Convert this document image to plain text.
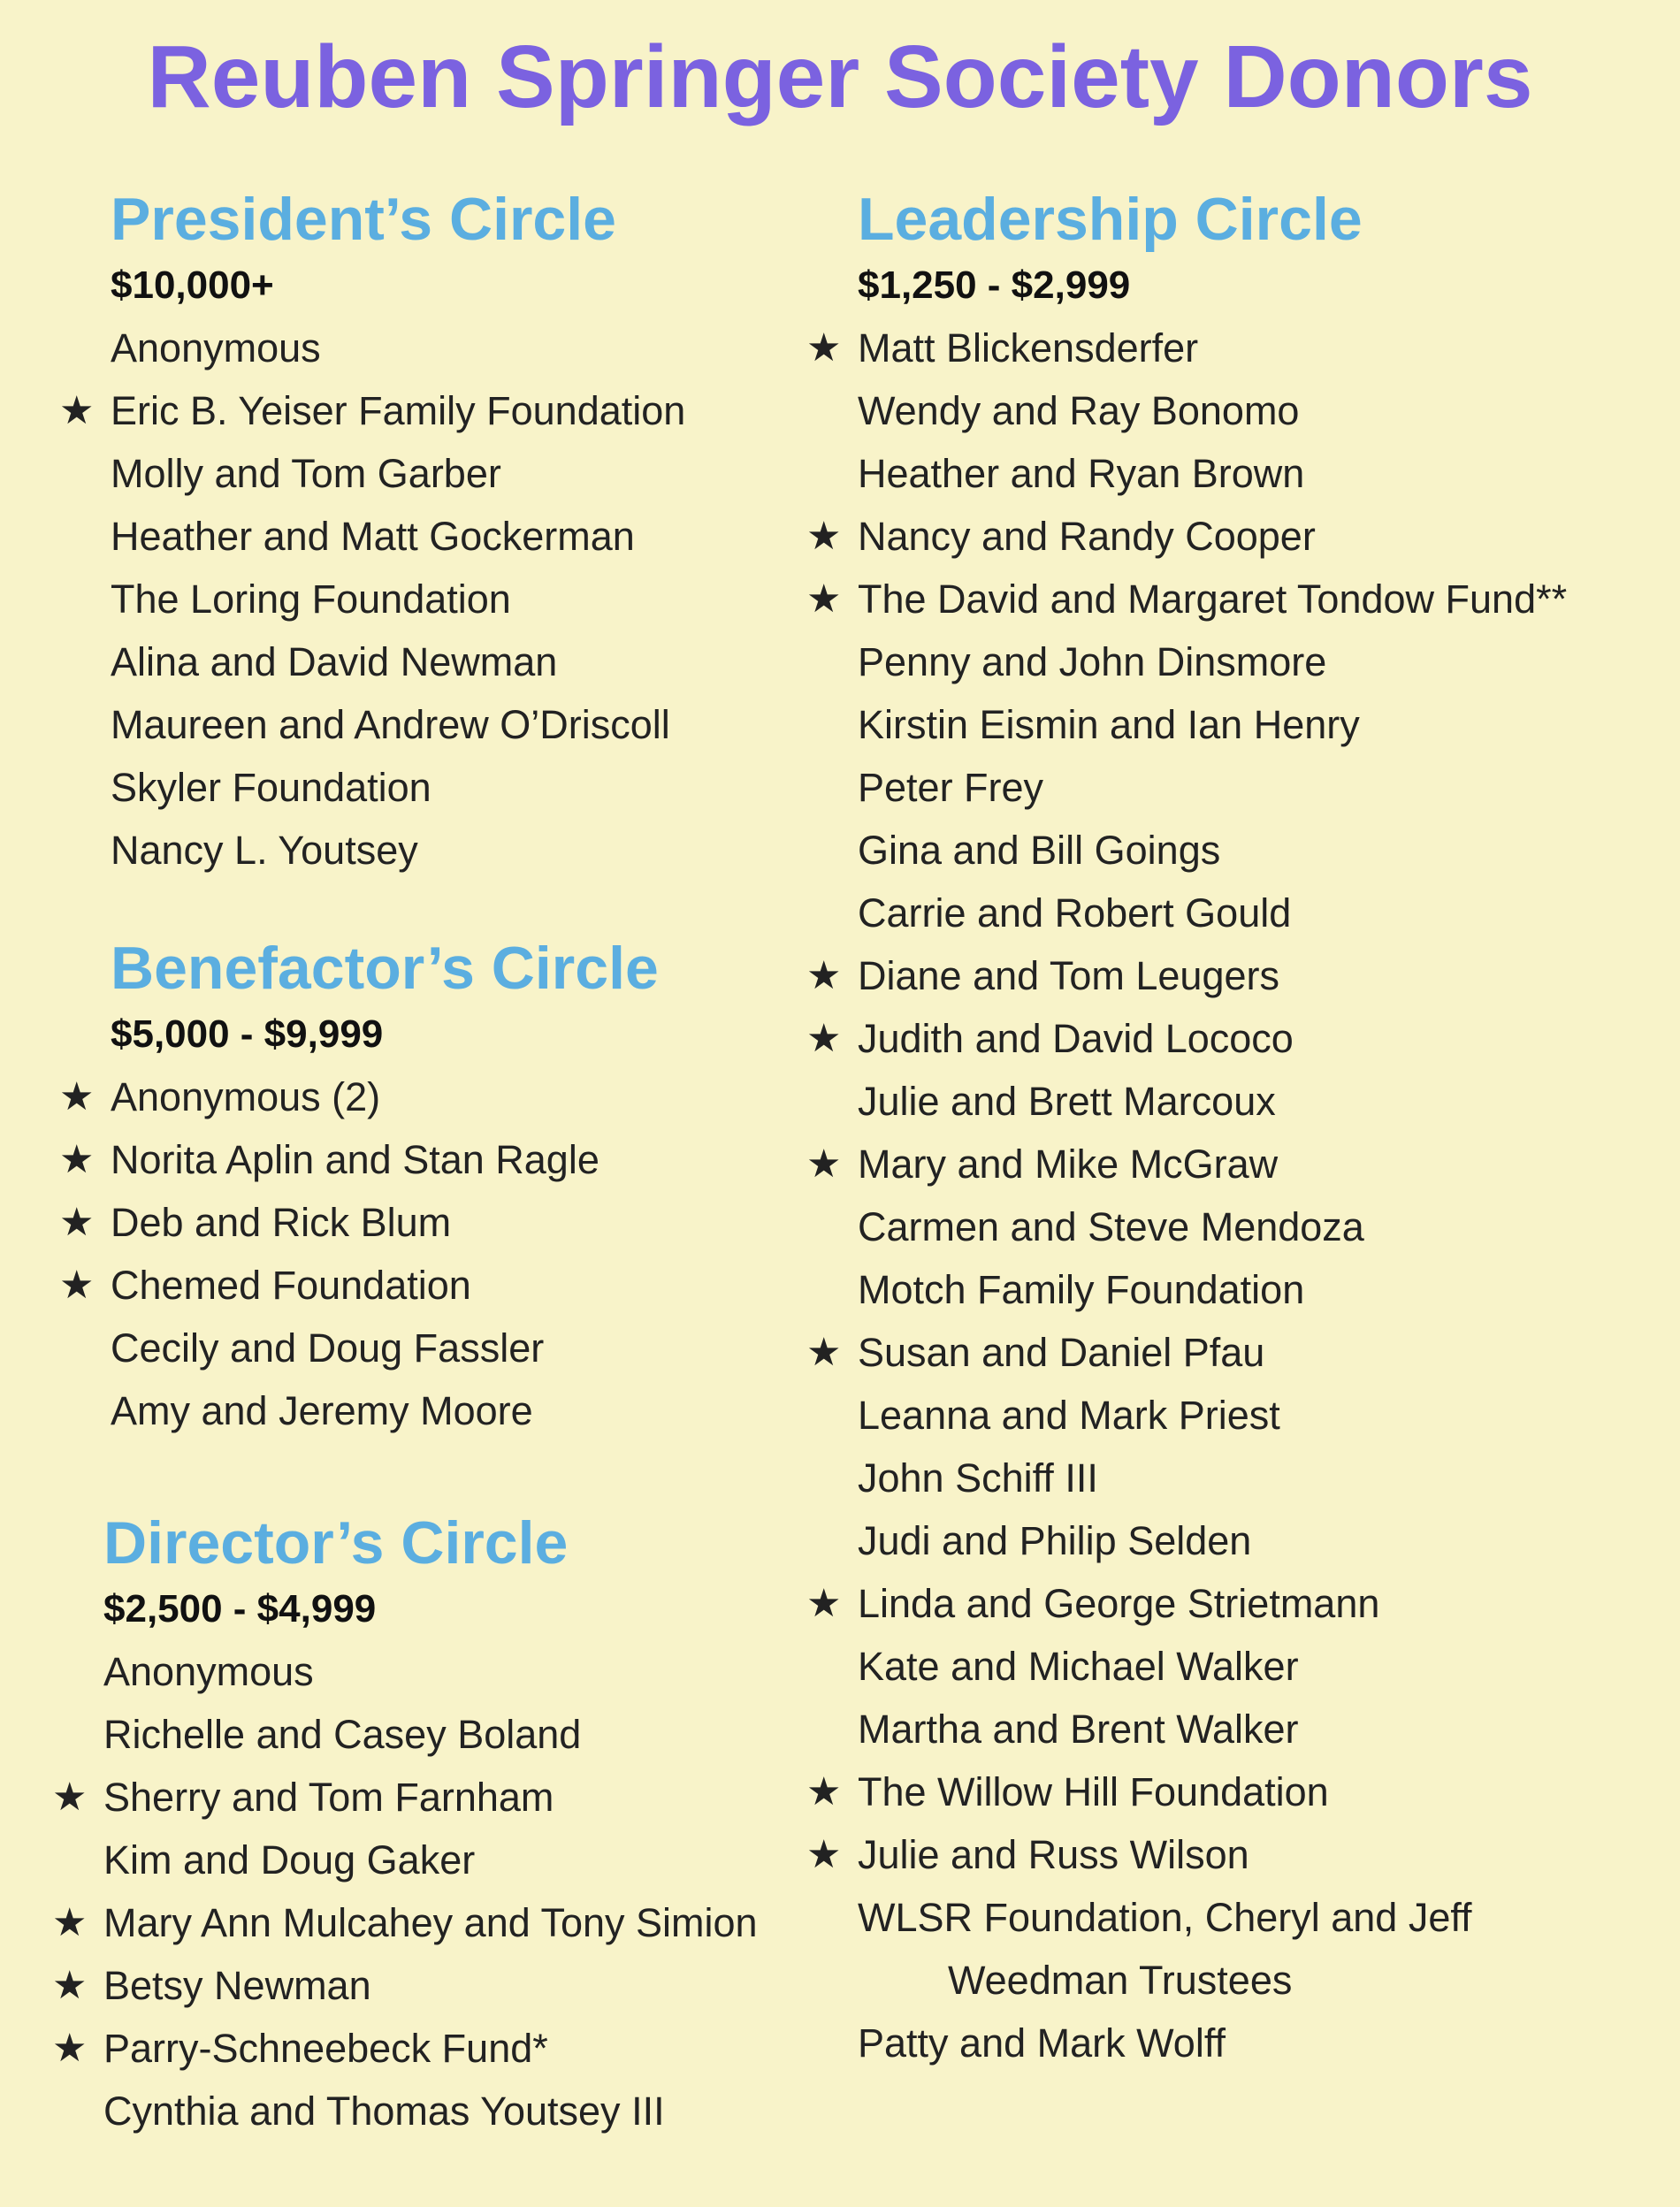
Reuben Springer Society Donors
President’s Circle
$10,000+
Anonymous
★ Eric B. Yeiser Family Foundation
Molly and Tom Garber
Heather and Matt Gockerman
The Loring Foundation
Alina and David Newman
Maureen and Andrew O’Driscoll
Skyler Foundation
Nancy L. Youtsey
Benefactor’s Circle
$5,000 - $9,999
★ Anonymous (2)
★ Norita Aplin and Stan Ragle
★ Deb and Rick Blum
★ Chemed Foundation
Cecily and Doug Fassler
Amy and Jeremy Moore
Director’s Circle
$2,500 - $4,999
Anonymous
Richelle and Casey Boland
★ Sherry and Tom Farnham
Kim and Doug Gaker
★ Mary Ann Mulcahey and Tony Simion
★ Betsy Newman
★ Parry-Schneebeck Fund*
Cynthia and Thomas Youtsey III
Leadership Circle
$1,250 - $2,999
★ Matt Blickensderfer
Wendy and Ray Bonomo
Heather and Ryan Brown
★ Nancy and Randy Cooper
★ The David and Margaret Tondow Fund**
Penny and John Dinsmore
Kirstin Eismin and Ian Henry
Peter Frey
Gina and Bill Goings
Carrie and Robert Gould
★ Diane and Tom Leugers
★ Judith and David Lococo
Julie and Brett Marcoux
★ Mary and Mike McGraw
Carmen and Steve Mendoza
Motch Family Foundation
★ Susan and Daniel Pfau
Leanna and Mark Priest
John Schiff III
Judi and Philip Selden
★ Linda and George Strietmann
Kate and Michael Walker
Martha and Brent Walker
★ The Willow Hill Foundation
★ Julie and Russ Wilson
WLSR Foundation, Cheryl and Jeff
Weedman Trustees
Patty and Mark Wolff
